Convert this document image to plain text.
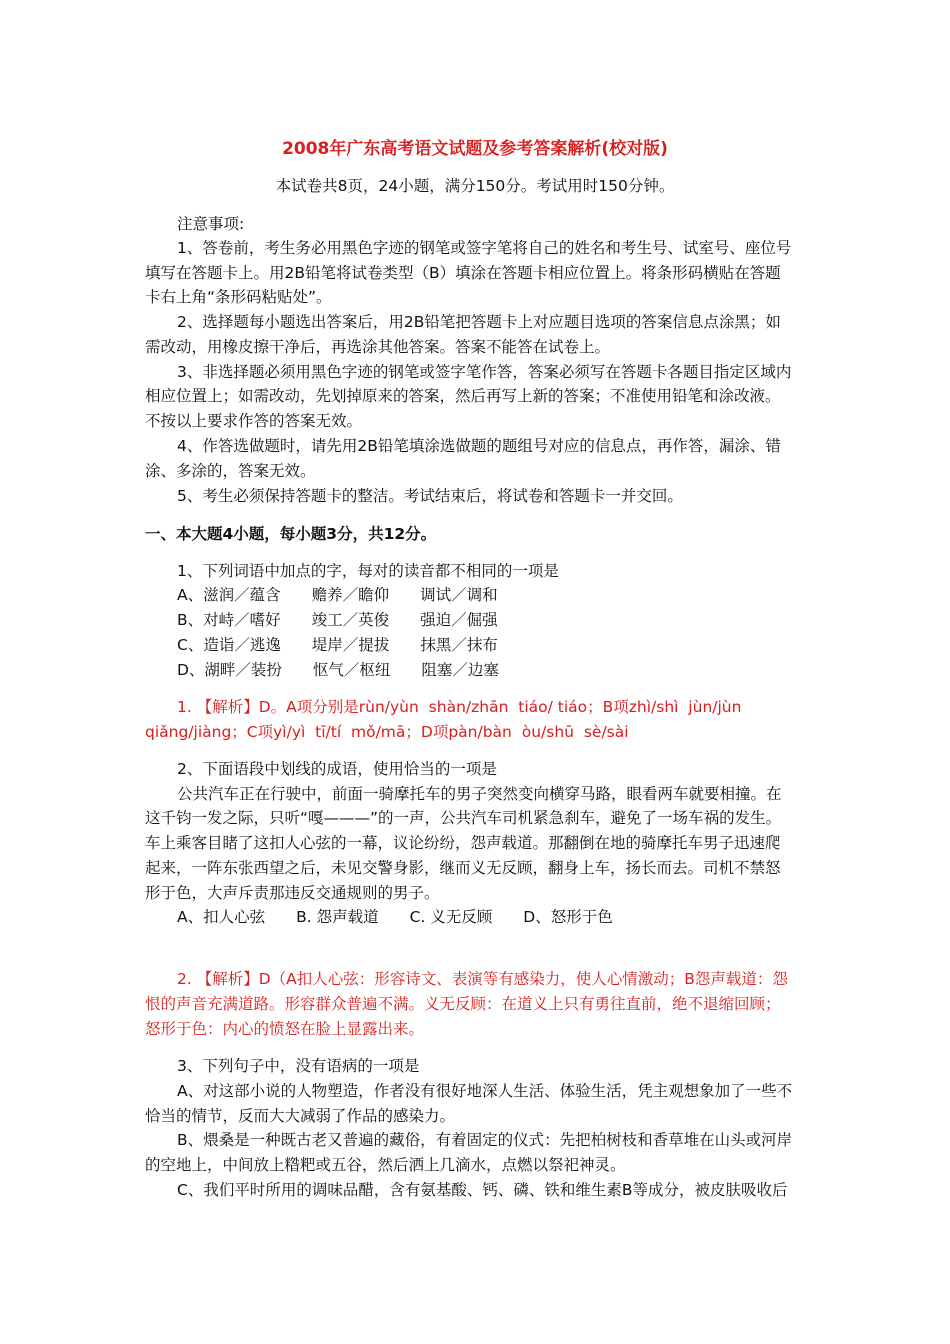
2008年广东高考语文试题及参考答案解析(校对版)
本试卷共8页，24小题，满分150分。考试用时150分钟。
注意事项:
1、答卷前，考生务必用黑色字迹的钢笔或签字笔将自己的姓名和考生号、试室号、座位号
填写在答题卡上。用2B铅笔将试卷类型（B）填涂在答题卡相应位置上。将条形码横贴在答题
卡右上角“条形码粘贴处”。
2、选择题每小题选出答案后，用2B铅笔把答题卡上对应题目选项的答案信息点涂黑；如
需改动，用橡皮擦干净后，再选涂其他答案。答案不能答在试卷上。
3、非选择题必须用黑色字迹的钢笔或签字笔作答，答案必须写在答题卡各题目指定区域内
相应位置上；如需改动，先划掉原来的答案，然后再写上新的答案；不准使用铅笔和涂改液。
不按以上要求作答的答案无效。
4、作答选做题时，请先用2B铅笔填涂选做题的题组号对应的信息点，再作答，漏涂、错
涂、多涂的，答案无效。
5、考生必须保持答题卡的整洁。考试结束后，将试卷和答题卡一并交回。
一、本大题4小题，每小题3分，共12分。
1、下列词语中加点的字，每对的读音都不相同的一项是
A、滋润／蕴含　　赡养／瞻仰　　调试／调和
B、对峙／嗜好　　竣工／英俊　　强迫／倔强
C、造诣／逃逸　　堤岸／提拔　　抹黑／抹布
D、湖畔／装扮　　怄气／枢纽　　阻塞／边塞
1. 【解析】D。A项分别是rùn/yùn  shàn/zhān  tiáo/ tiáo；B项zhì/shì  jùn/jùn
qiǎng/jiàng；C项yì/yì  tī/tí  mǒ/mā；D项pàn/bàn  òu/shū  sè/sài
2、下面语段中划线的成语，使用恰当的一项是
公共汽车正在行驶中，前面一骑摩托车的男子突然变向横穿马路，眼看两车就要相撞。在
这千钧一发之际，只听“嘎———”的一声，公共汽车司机紧急刹车，避免了一场车祸的发生。
车上乘客目睹了这扣人心弦的一幕，议论纷纷，怨声载道。那翻倒在地的骑摩托车男子迅速爬
起来，一阵东张西望之后，未见交警身影，继而义无反顾，翻身上车，扬长而去。司机不禁怒
形于色，大声斥责那违反交通规则的男子。
A、扣人心弦　　B. 怨声载道　　C. 义无反顾　　D、怒形于色
2. 【解析】D（A扣人心弦：形容诗文、表演等有感染力，使人心情激动；B怨声载道：怨
恨的声音充满道路。形容群众普遍不满。义无反顾：在道义上只有勇往直前，绝不退缩回顾；
怒形于色：内心的愤怒在脸上显露出来。
3、下列句子中，没有语病的一项是
A、对这部小说的人物塑造，作者没有很好地深人生活、体验生活，凭主观想象加了一些不
恰当的情节，反而大大减弱了作品的感染力。
B、煨桑是一种既古老又普遍的藏俗，有着固定的仪式：先把柏树枝和香草堆在山头或河岸
的空地上，中间放上糌粑或五谷，然后洒上几滴水，点燃以祭祀神灵。
C、我们平时所用的调味品醋，含有氨基酸、钙、磷、铁和维生素B等成分，被皮肤吸收后
